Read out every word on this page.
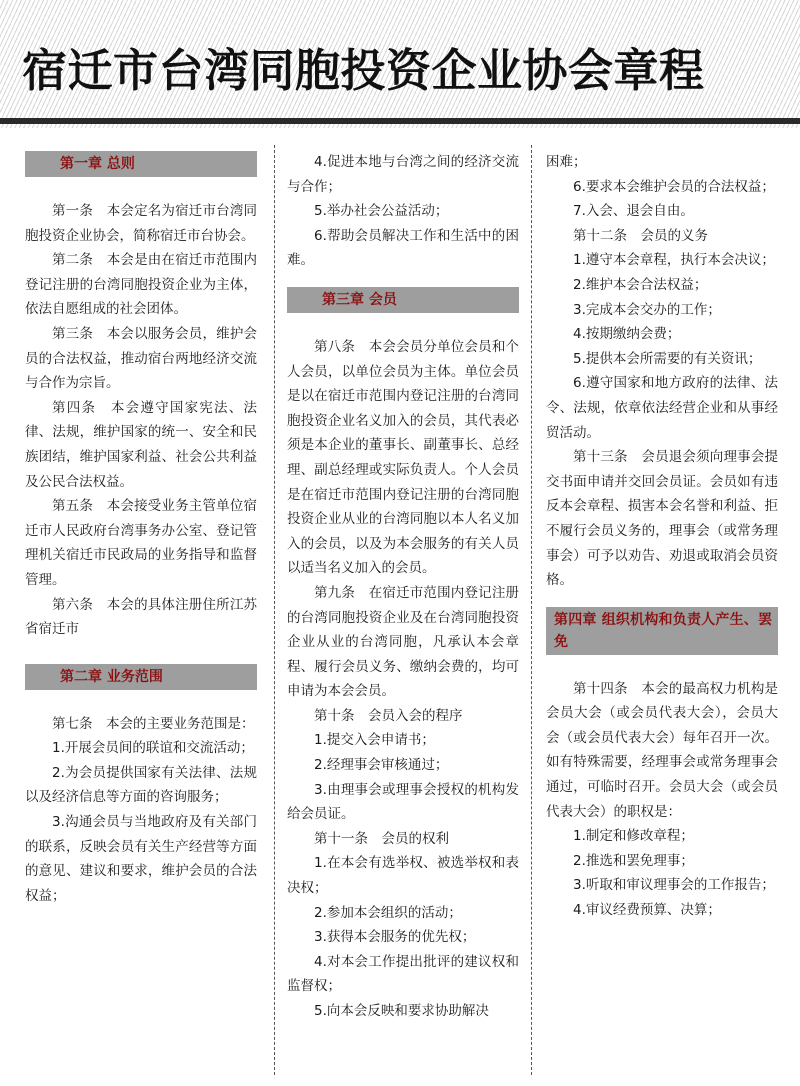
宿迁市台湾同胞投资企业协会章程
第一章 总则

第一条　本会定名为宿迁市台湾同胞投资企业协会，简称宿迁市台协会。

第二条　本会是由在宿迁市范围内登记注册的台湾同胞投资企业为主体，依法自愿组成的社会团体。

第三条　本会以服务会员，维护会员的合法权益，推动宿台两地经济交流与合作为宗旨。

第四条　本会遵守国家宪法、法律、法规，维护国家的统一、安全和民族团结，维护国家利益、社会公共利益及公民合法权益。

第五条　本会接受业务主管单位宿迁市人民政府台湾事务办公室、登记管理机关宿迁市民政局的业务指导和监督管理。

第六条　本会的具体注册住所江苏省宿迁市

第二章 业务范围

第七条　本会的主要业务范围是：

1.开展会员间的联谊和交流活动；

2.为会员提供国家有关法律、法规以及经济信息等方面的咨询服务；

3.沟通会员与当地政府及有关部门的联系，反映会员有关生产经营等方面的意见、建议和要求，维护会员的合法权益；

4.促进本地与台湾之间的经济交流与合作；

5.举办社会公益活动；

6.帮助会员解决工作和生活中的困难。

第三章 会员

第八条　本会会员分单位会员和个人会员，以单位会员为主体。单位会员是以在宿迁市范围内登记注册的台湾同胞投资企业名义加入的会员，其代表必须是本企业的董事长、副董事长、总经理、副总经理或实际负责人。个人会员是在宿迁市范围内登记注册的台湾同胞投资企业从业的台湾同胞以本人名义加入的会员，以及为本会服务的有关人员以适当名义加入的会员。

第九条　在宿迁市范围内登记注册的台湾同胞投资企业及在台湾同胞投资企业从业的台湾同胞，凡承认本会章程、履行会员义务、缴纳会费的，均可申请为本会会员。

第十条　会员入会的程序

1.提交入会申请书；

2.经理事会审核通过；

3.由理事会或理事会授权的机构发给会员证。

第十一条　会员的权利

1.在本会有选举权、被选举权和表决权；

2.参加本会组织的活动；

3.获得本会服务的优先权；

4.对本会工作提出批评的建议权和监督权；

5.向本会反映和要求协助解决

困难；

6.要求本会维护会员的合法权益；

7.入会、退会自由。

第十二条　会员的义务

1.遵守本会章程，执行本会决议；

2.维护本会合法权益；

3.完成本会交办的工作；

4.按期缴纳会费；

5.提供本会所需要的有关资讯；

6.遵守国家和地方政府的法律、法令、法规，依章依法经营企业和从事经贸活动。

第十三条　会员退会须向理事会提交书面申请并交回会员证。会员如有违反本会章程、损害本会名誉和利益、拒不履行会员义务的，理事会（或常务理事会）可予以劝告、劝退或取消会员资格。

第四章 组织机构和负责人产生、罢免

第十四条　本会的最高权力机构是会员大会（或会员代表大会），会员大会（或会员代表大会）每年召开一次。如有特殊需要，经理事会或常务理事会通过，可临时召开。会员大会（或会员代表大会）的职权是：

1.制定和修改章程；

2.推选和罢免理事；

3.听取和审议理事会的工作报告；

4.审议经费预算、决算；
